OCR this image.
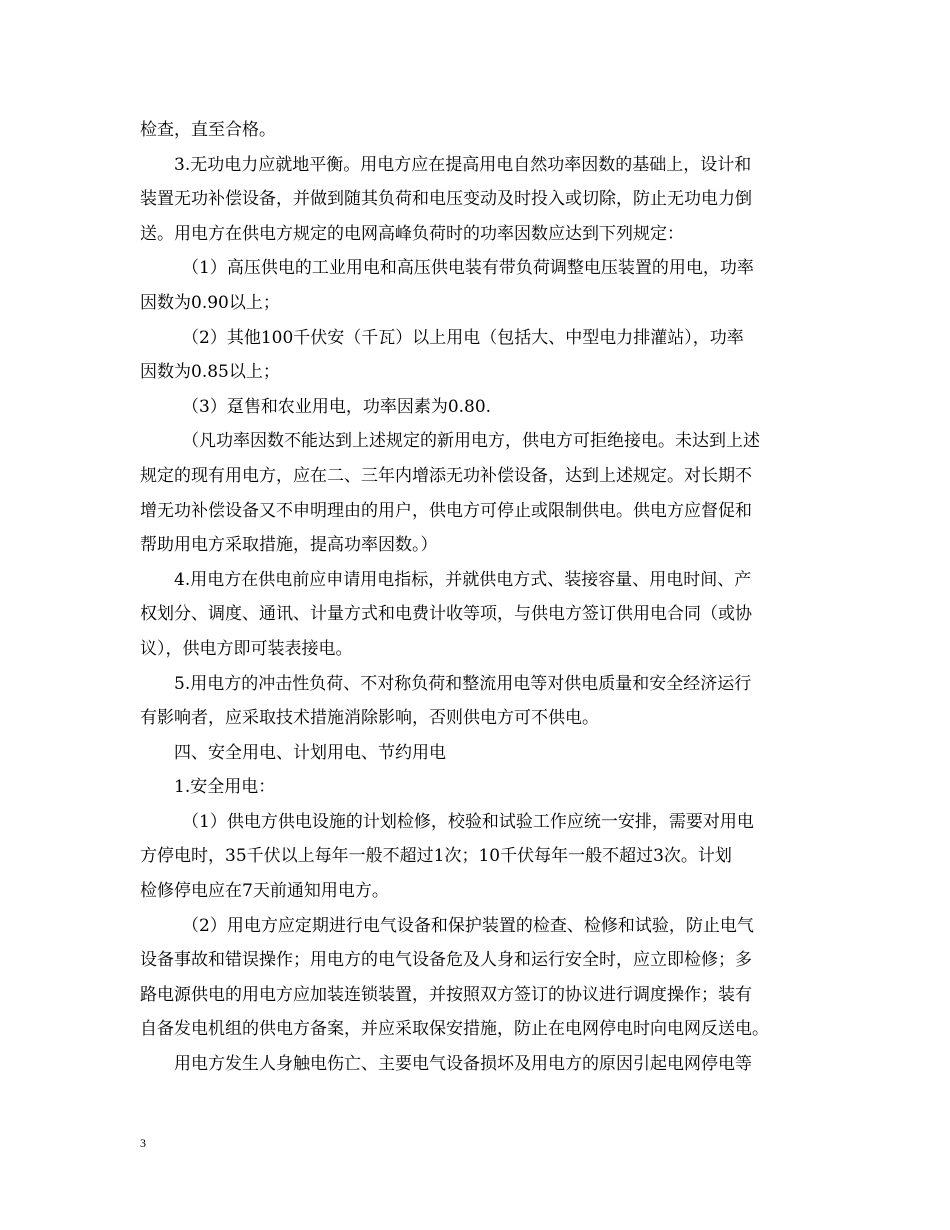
检查，直至合格。
3.无功电力应就地平衡。用电方应在提高用电自然功率因数的基础上，设计和
装置无功补偿设备，并做到随其负荷和电压变动及时投入或切除，防止无功电力倒
送。用电方在供电方规定的电网高峰负荷时的功率因数应达到下列规定：
（1）高压供电的工业用电和高压供电装有带负荷调整电压装置的用电，功率
因数为0.90以上；
（2）其他100千伏安（千瓦）以上用电（包括大、中型电力排灌站），功率
因数为0.85以上；
（3）趸售和农业用电，功率因素为0.80.
（凡功率因数不能达到上述规定的新用电方，供电方可拒绝接电。未达到上述
规定的现有用电方，应在二、三年内增添无功补偿设备，达到上述规定。对长期不
增无功补偿设备又不申明理由的用户，供电方可停止或限制供电。供电方应督促和
帮助用电方采取措施，提高功率因数。）
4.用电方在供电前应申请用电指标，并就供电方式、装接容量、用电时间、产
权划分、调度、通讯、计量方式和电费计收等项，与供电方签订供用电合同（或协
议），供电方即可装表接电。
5.用电方的冲击性负荷、不对称负荷和整流用电等对供电质量和安全经济运行
有影响者，应采取技术措施消除影响，否则供电方可不供电。
四、安全用电、计划用电、节约用电
1.安全用电：
（1）供电方供电设施的计划检修，校验和试验工作应统一安排，需要对用电
方停电时，35千伏以上每年一般不超过1次；10千伏每年一般不超过3次。计划
检修停电应在7天前通知用电方。
（2）用电方应定期进行电气设备和保护装置的检查、检修和试验，防止电气
设备事故和错误操作；用电方的电气设备危及人身和运行安全时，应立即检修；多
路电源供电的用电方应加装连锁装置，并按照双方签订的协议进行调度操作；装有
自备发电机组的供电方备案，并应采取保安措施，防止在电网停电时向电网反送电。
用电方发生人身触电伤亡、主要电气设备损坏及用电方的原因引起电网停电等
3
